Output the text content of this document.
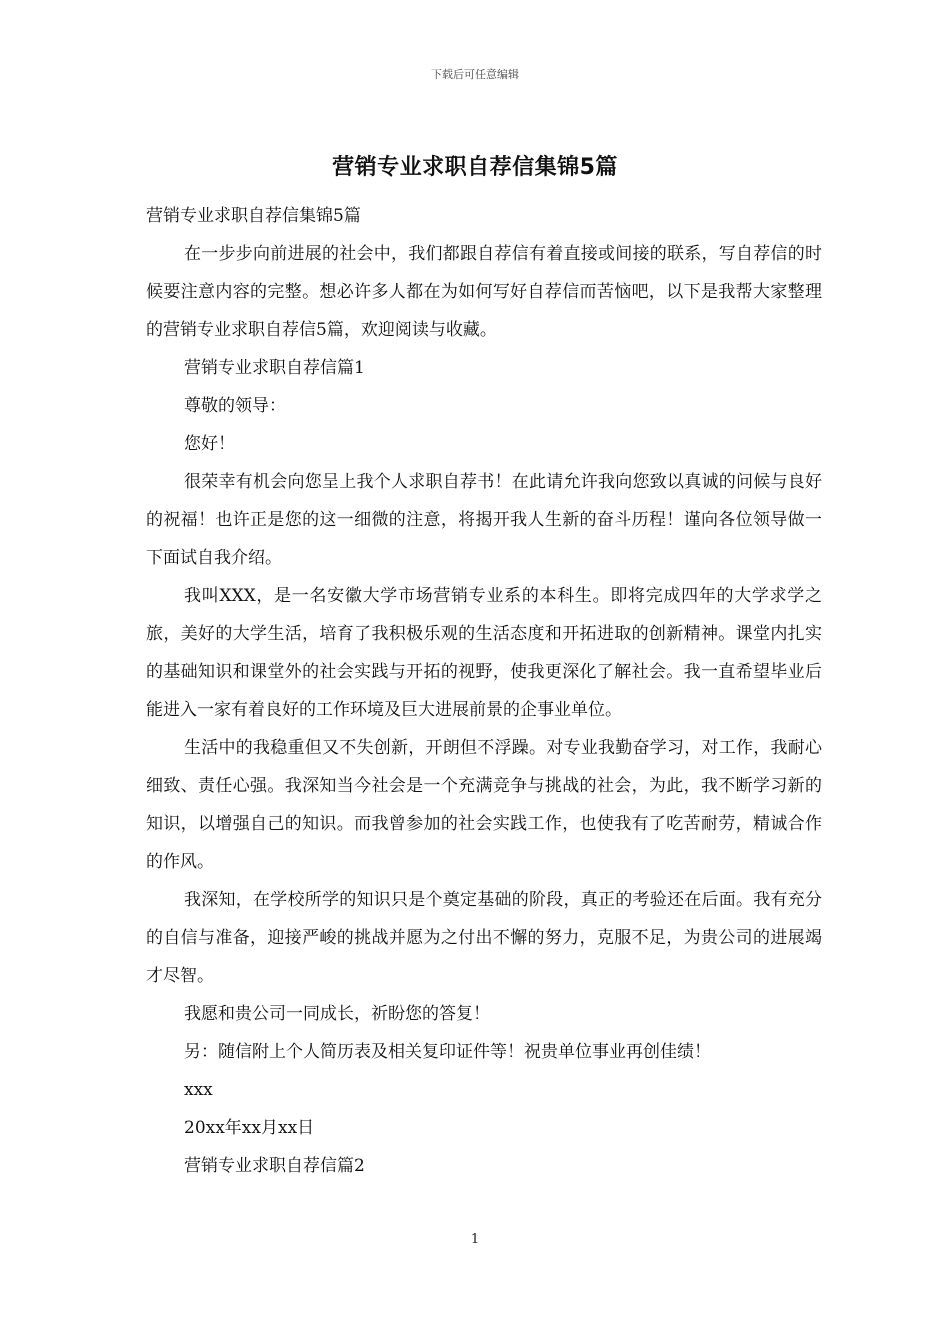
下载后可任意编辑
营销专业求职自荐信集锦5篇

营销专业求职自荐信集锦5篇

在一步步向前进展的社会中，我们都跟自荐信有着直接或间接的联系，写自荐信的时候要注意内容的完整。想必许多人都在为如何写好自荐信而苦恼吧，以下是我帮大家整理的营销专业求职自荐信5篇，欢迎阅读与收藏。

营销专业求职自荐信篇1

尊敬的领导：

您好！

很荣幸有机会向您呈上我个人求职自荐书！在此请允许我向您致以真诚的问候与良好的祝福！也许正是您的这一细微的注意，将揭开我人生新的奋斗历程！谨向各位领导做一下面试自我介绍。

我叫XXX，是一名安徽大学市场营销专业系的本科生。即将完成四年的大学求学之旅，美好的大学生活，培育了我积极乐观的生活态度和开拓进取的创新精神。课堂内扎实的基础知识和课堂外的社会实践与开拓的视野，使我更深化了解社会。我一直希望毕业后能进入一家有着良好的工作环境及巨大进展前景的企事业单位。

生活中的我稳重但又不失创新，开朗但不浮躁。对专业我勤奋学习，对工作，我耐心细致、责任心强。我深知当今社会是一个充满竞争与挑战的社会，为此，我不断学习新的知识，以增强自己的知识。而我曾参加的社会实践工作，也使我有了吃苦耐劳，精诚合作的作风。

我深知，在学校所学的知识只是个奠定基础的阶段，真正的考验还在后面。我有充分的自信与准备，迎接严峻的挑战并愿为之付出不懈的努力，克服不足，为贵公司的进展竭才尽智。

我愿和贵公司一同成长，祈盼您的答复！

另：随信附上个人简历表及相关复印证件等！祝贵单位事业再创佳绩！

xxx

20xx年xx月xx日

营销专业求职自荐信篇2

1
